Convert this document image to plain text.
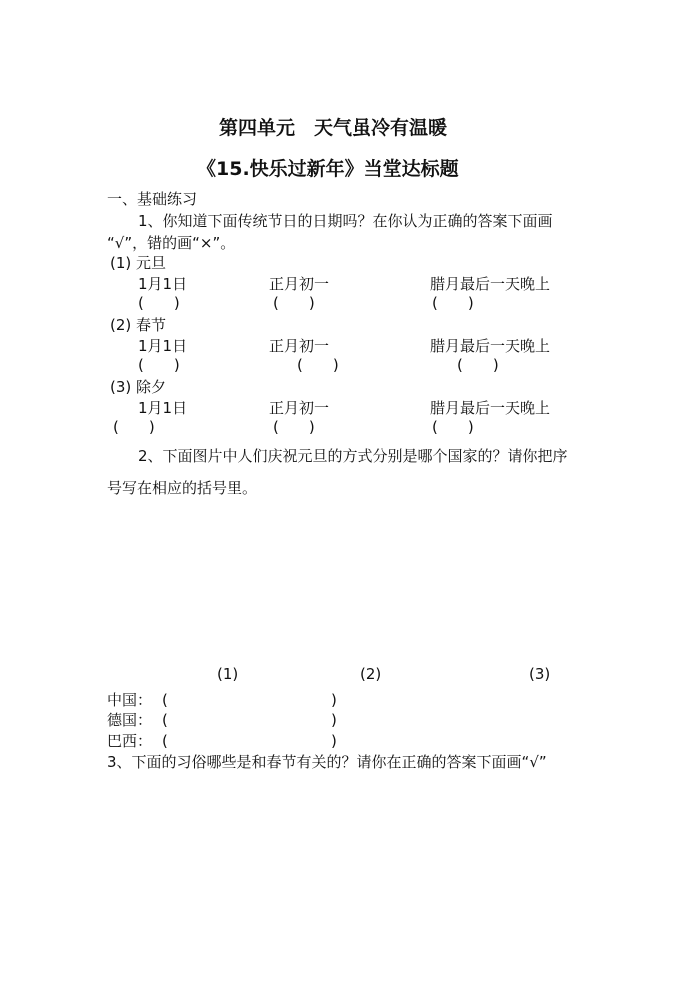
第四单元　天气虽冷有温暖
《15.快乐过新年》当堂达标题
一、基础练习
1、你知道下面传统节日的日期吗？在你认为正确的答案下面画
“√”，错的画“×”。
(1) 元旦
1月1日	正月初一	腊月最后一天晚上
(　　)	(　　)	(　　)
(2) 春节
1月1日	正月初一	腊月最后一天晚上
(　　)	(　　)	(　　)
(3) 除夕
1月1日	正月初一	腊月最后一天晚上
(　　)	(　　)	(　　)
2、下面图片中人们庆祝元旦的方式分别是哪个国家的？请你把序
号写在相应的括号里。
(1)	(2)	(3)
中国： (	)
德国： (	)
巴西： (	)
3、下面的习俗哪些是和春节有关的？请你在正确的答案下面画“√”
